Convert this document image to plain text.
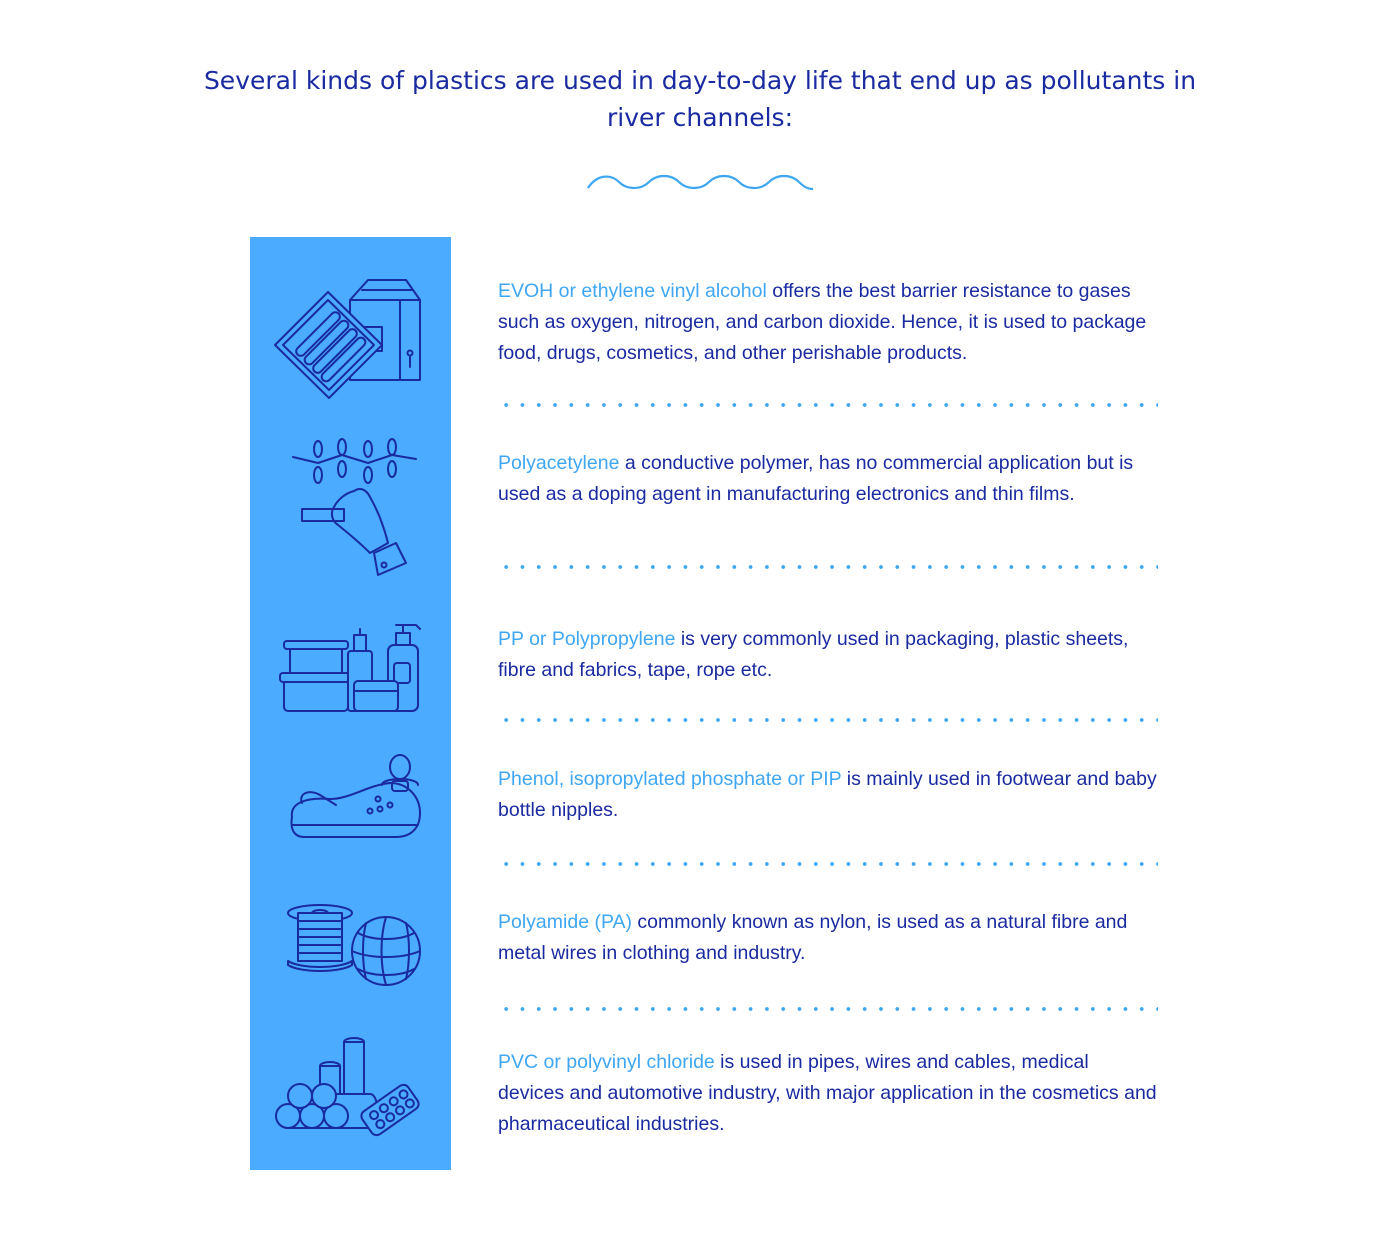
Several kinds of plastics are used in day-to-day life that end up as pollutants in river channels:

EVOH or ethylene vinyl alcohol offers the best barrier resistance to gases such as oxygen, nitrogen, and carbon dioxide. Hence, it is used to package food, drugs, cosmetics, and other perishable products.

Polyacetylene a conductive polymer, has no commercial application but is used as a doping agent in manufacturing electronics and thin films.

PP or Polypropylene is very commonly used in packaging, plastic sheets, fibre and fabrics, tape, rope etc.

Phenol, isopropylated phosphate or PIP is mainly used in footwear and baby bottle nipples.

Polyamide (PA) commonly known as nylon, is used as a natural fibre and metal wires in clothing and industry.

PVC or polyvinyl chloride is used in pipes, wires and cables, medical devices and automotive industry, with major application in the cosmetics and pharmaceutical industries.
